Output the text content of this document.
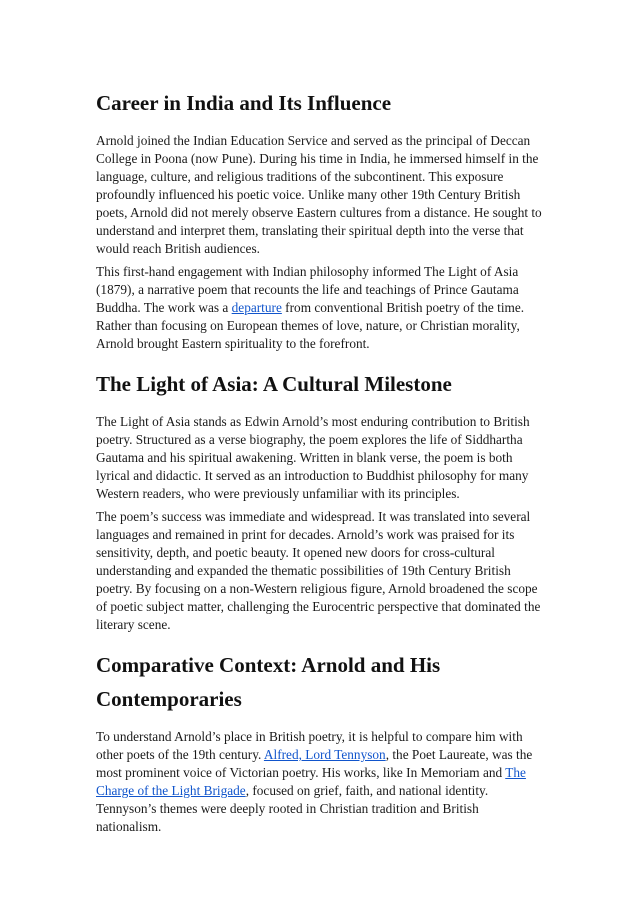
Career in India and Its Influence

Arnold joined the Indian Education Service and served as the principal of Deccan College in Poona (now Pune). During his time in India, he immersed himself in the language, culture, and religious traditions of the subcontinent. This exposure profoundly influenced his poetic voice. Unlike many other 19th Century British poets, Arnold did not merely observe Eastern cultures from a distance. He sought to understand and interpret them, translating their spiritual depth into the verse that would reach British audiences.

This first-hand engagement with Indian philosophy informed The Light of Asia (1879), a narrative poem that recounts the life and teachings of Prince Gautama Buddha. The work was a departure from conventional British poetry of the time. Rather than focusing on European themes of love, nature, or Christian morality, Arnold brought Eastern spirituality to the forefront.

The Light of Asia: A Cultural Milestone

The Light of Asia stands as Edwin Arnold’s most enduring contribution to British poetry. Structured as a verse biography, the poem explores the life of Siddhartha Gautama and his spiritual awakening. Written in blank verse, the poem is both lyrical and didactic. It served as an introduction to Buddhist philosophy for many Western readers, who were previously unfamiliar with its principles.

The poem’s success was immediate and widespread. It was translated into several languages and remained in print for decades. Arnold’s work was praised for its sensitivity, depth, and poetic beauty. It opened new doors for cross-cultural understanding and expanded the thematic possibilities of 19th Century British poetry. By focusing on a non-Western religious figure, Arnold broadened the scope of poetic subject matter, challenging the Eurocentric perspective that dominated the literary scene.

Comparative Context: Arnold and His Contemporaries

To understand Arnold’s place in British poetry, it is helpful to compare him with other poets of the 19th century. Alfred, Lord Tennyson, the Poet Laureate, was the most prominent voice of Victorian poetry. His works, like In Memoriam and The Charge of the Light Brigade, focused on grief, faith, and national identity. Tennyson’s themes were deeply rooted in Christian tradition and British nationalism.
